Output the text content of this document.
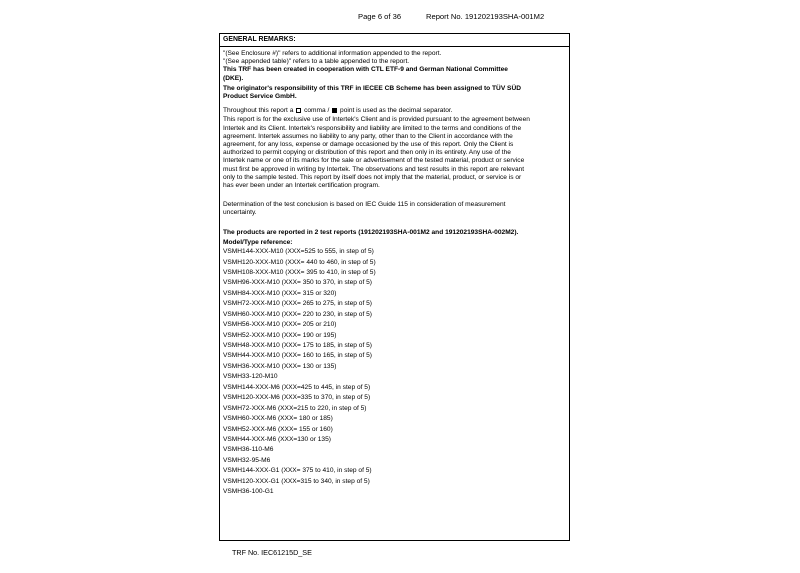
Page 6 of 36	Report No. 191202193SHA-001M2
GENERAL REMARKS:
"(See Enclosure #)" refers to additional information appended to the report.
"(See appended table)" refers to a table appended to the report.
This TRF has been created in cooperation with CTL ETF-9 and German National Committee
(DKE).
The originator's responsibility of this TRF in IECEE CB Scheme has been assigned to TÜV SÜD
Product Service GmbH.
Throughout this report a comma / point is used as the decimal separator.
This report is for the exclusive use of Intertek's Client and is provided pursuant to the agreement between
Intertek and its Client. Intertek's responsibility and liability are limited to the terms and conditions of the
agreement. Intertek assumes no liability to any party, other than to the Client in accordance with the
agreement, for any loss, expense or damage occasioned by the use of this report. Only the Client is
authorized to permit copying or distribution of this report and then only in its entirety. Any use of the
Intertek name or one of its marks for the sale or advertisement of the tested material, product or service
must first be approved in writing by Intertek. The observations and test results in this report are relevant
only to the sample tested. This report by itself does not imply that the material, product, or service is or
has ever been under an Intertek certification program.
Determination of the test conclusion is based on IEC Guide 115 in consideration of measurement
uncertainty.
The products are reported in 2 test reports (191202193SHA-001M2 and 191202193SHA-002M2).
Model/Type reference:
VSMH144-XXX-M10 (XXX=525 to 555, in step of 5)
VSMH120-XXX-M10 (XXX= 440 to 460, in step of 5)
VSMH108-XXX-M10 (XXX= 395 to 410, in step of 5)
VSMH96-XXX-M10 (XXX= 350 to 370, in step of 5)
VSMH84-XXX-M10 (XXX= 315 or 320)
VSMH72-XXX-M10 (XXX= 265 to 275, in step of 5)
VSMH60-XXX-M10 (XXX= 220 to 230, in step of 5)
VSMH56-XXX-M10 (XXX= 205 or 210)
VSMH52-XXX-M10 (XXX= 190 or 195)
VSMH48-XXX-M10 (XXX= 175 to 185, in step of 5)
VSMH44-XXX-M10 (XXX= 160 to 165, in step of 5)
VSMH36-XXX-M10 (XXX= 130 or 135)
VSMH33-120-M10
VSMH144-XXX-M6 (XXX=425 to 445, in step of 5)
VSMH120-XXX-M6 (XXX=335 to 370, in step of 5)
VSMH72-XXX-M6 (XXX=215 to 220, in step of 5)
VSMH60-XXX-M6 (XXX= 180 or 185)
VSMH52-XXX-M6 (XXX= 155 or 160)
VSMH44-XXX-M6 (XXX=130 or 135)
VSMH36-110-M6
VSMH32-95-M6
VSMH144-XXX-G1 (XXX= 375 to 410, in step of 5)
VSMH120-XXX-G1 (XXX=315 to 340, in step of 5)
VSMH36-100-G1
TRF No. IEC61215D_SE
